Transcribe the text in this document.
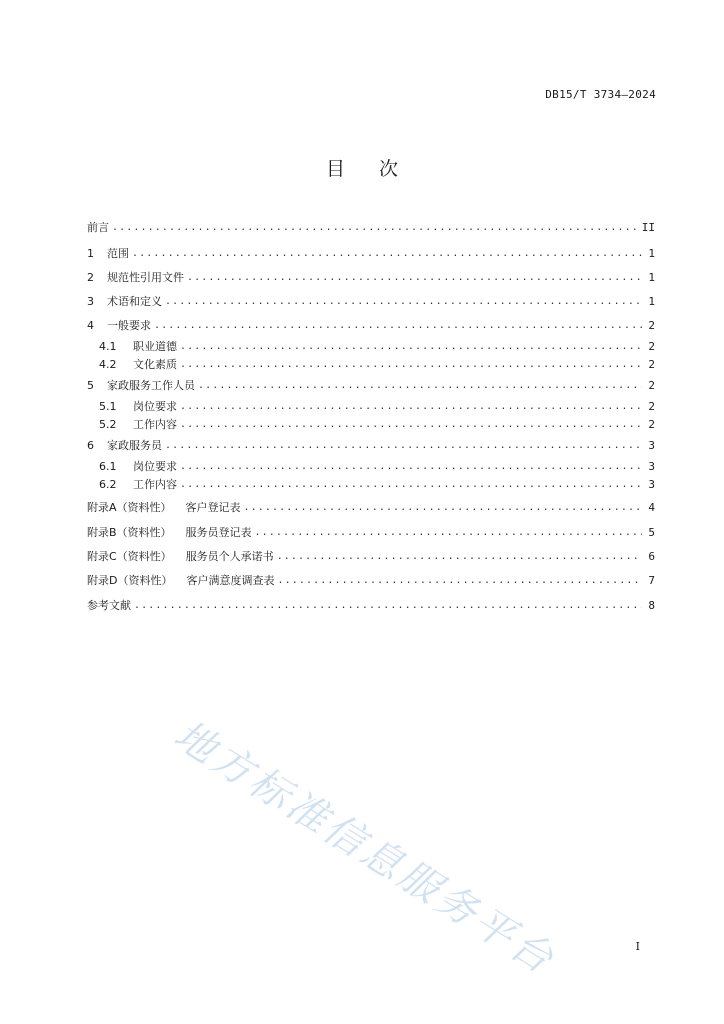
DB15/T 3734—2024
目 次
前言 .....	II
1	范围 .....	1
2	规范性引用文件 .....	1
3	术语和定义 .....	1
4	一般要求 .....	2
4.1	职业道德 .....	2
4.2	文化素质 .....	2
5	家政服务工作人员 .....	2
5.1	岗位要求 .....	2
5.2	工作内容 .....	2
6	家政服务员 .....	3
6.1	岗位要求 .....	3
6.2	工作内容 .....	3
附录A（资料性） 客户登记表 .....	4
附录B（资料性） 服务员登记表 .....	5
附录C（资料性） 服务员个人承诺书 .....	6
附录D（资料性） 客户满意度调查表 .....	7
参考文献 .....	8
地方标准信息服务平台	I
